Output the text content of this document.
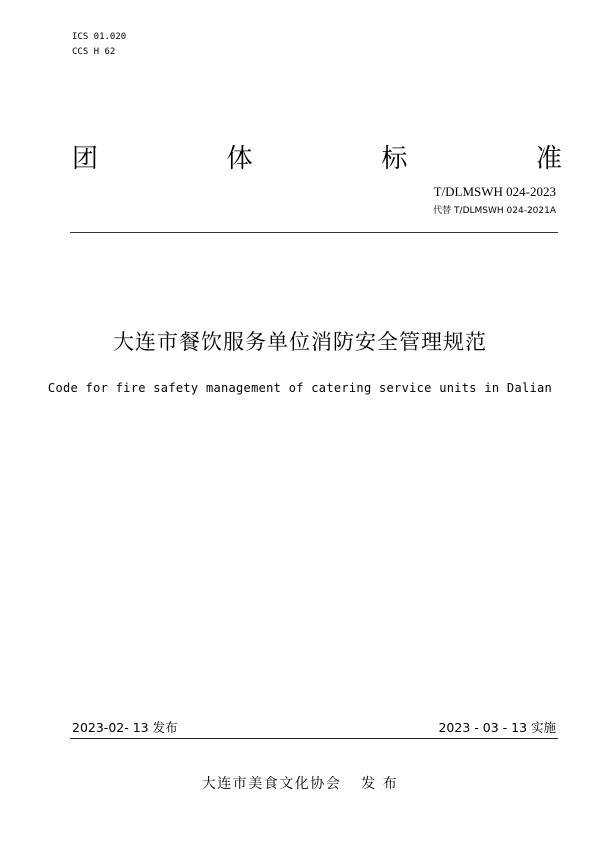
ICS 01.020
CCS H 62
团	体	标	准
T/DLMSWH 024-2023
代替 T/DLMSWH 024-2021A
大连市餐饮服务单位消防安全管理规范
Code for fire safety management of catering service units in Dalian
2023-02- 13 发布	2023 - 03 - 13 实施
大连市美食文化协会 发 布
